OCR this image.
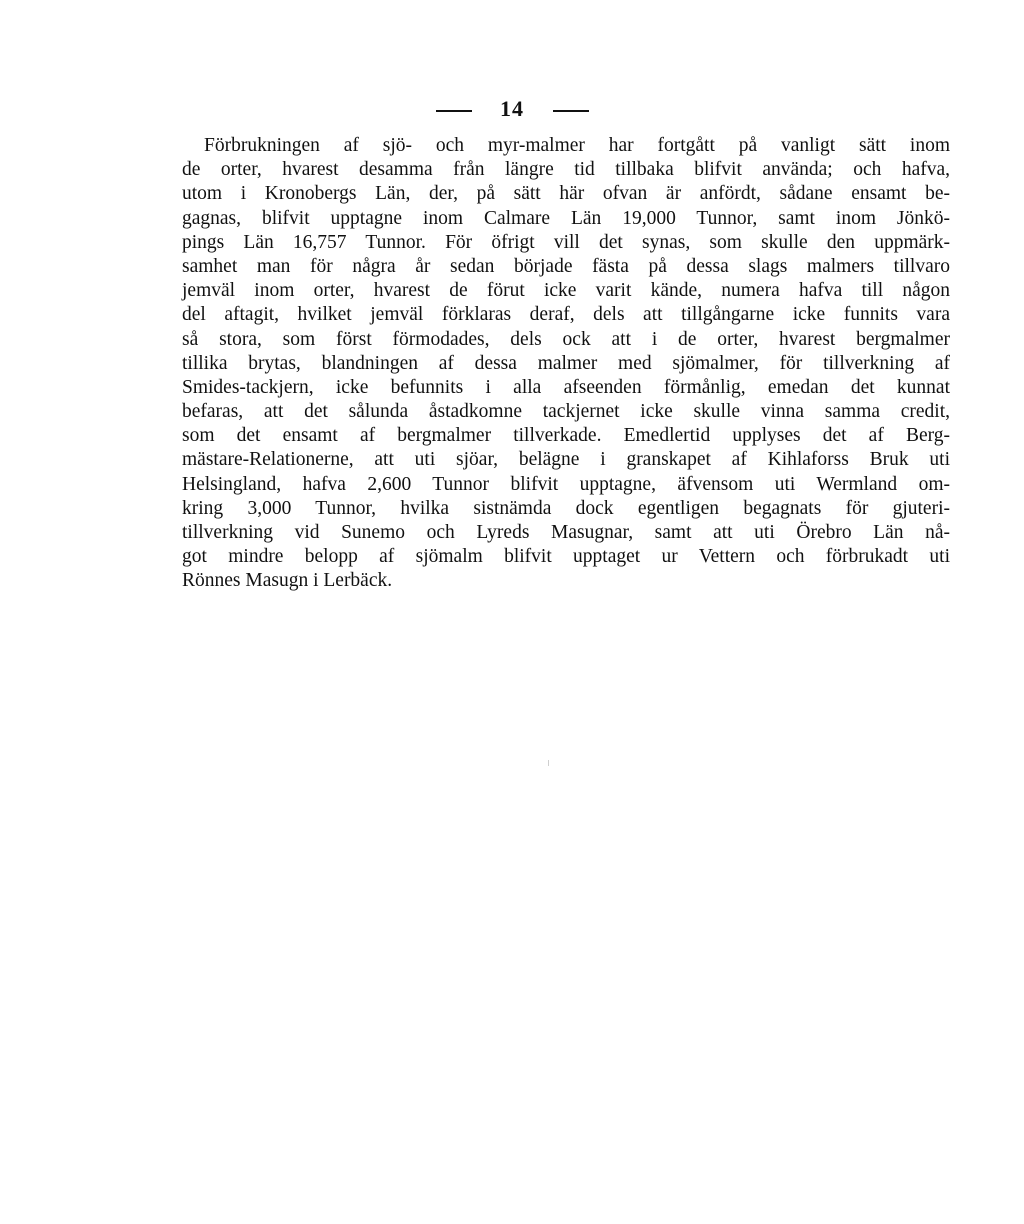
14
Förbrukningen af sjö- och myr-malmer har fortgått på vanligt sätt inom
de orter, hvarest desamma från längre tid tillbaka blifvit använda; och hafva,
utom i Kronobergs Län, der, på sätt här ofvan är anfördt, sådane ensamt be-
gagnas, blifvit upptagne inom Calmare Län 19,000 Tunnor, samt inom Jönkö-
pings Län 16,757 Tunnor. För öfrigt vill det synas, som skulle den uppmärk-
samhet man för några år sedan började fästa på dessa slags malmers tillvaro
jemväl inom orter, hvarest de förut icke varit kände, numera hafva till någon
del aftagit, hvilket jemväl förklaras deraf, dels att tillgångarne icke funnits vara
så stora, som först förmodades, dels ock att i de orter, hvarest bergmalmer
tillika brytas, blandningen af dessa malmer med sjömalmer, för tillverkning af
Smides-tackjern, icke befunnits i alla afseenden förmånlig, emedan det kunnat
befaras, att det sålunda åstadkomne tackjernet icke skulle vinna samma credit,
som det ensamt af bergmalmer tillverkade. Emedlertid upplyses det af Berg-
mästare-Relationerne, att uti sjöar, belägne i granskapet af Kihlaforss Bruk uti
Helsingland, hafva 2,600 Tunnor blifvit upptagne, äfvensom uti Wermland om-
kring 3,000 Tunnor, hvilka sistnämda dock egentligen begagnats för gjuteri-
tillverkning vid Sunemo och Lyreds Masugnar, samt att uti Örebro Län nå-
got mindre belopp af sjömalm blifvit upptaget ur Vettern och förbrukadt uti
Rönnes Masugn i Lerbäck.
